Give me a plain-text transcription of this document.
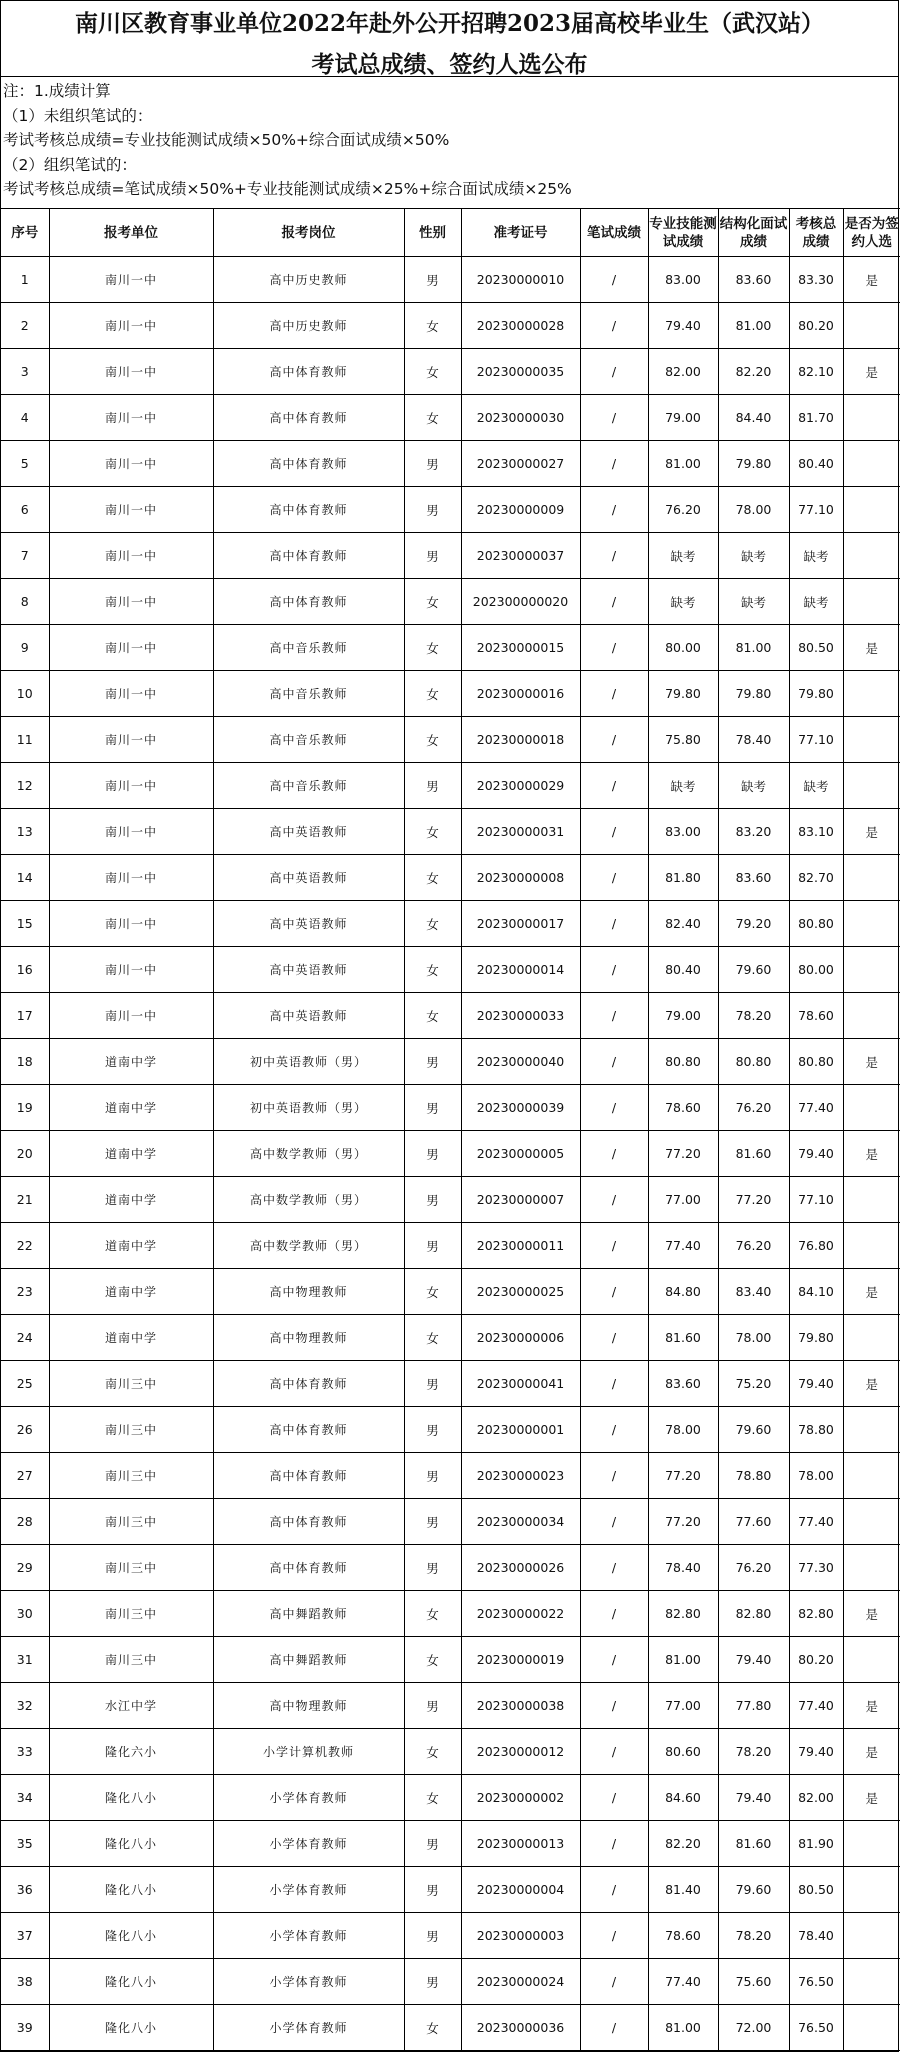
南川区教育事业单位2022年赴外公开招聘2023届高校毕业生（武汉站）
考试总成绩、签约人选公布
注：1.成绩计算
（1）未组织笔试的：
考试考核总成绩=专业技能测试成绩×50%+综合面试成绩×50%
（2）组织笔试的：
考试考核总成绩=笔试成绩×50%+专业技能测试成绩×25%+综合面试成绩×25%
序号	报考单位	报考岗位	性别	准考证号	笔试成绩	专业技能测试成绩	结构化面试成绩	考核总成绩	是否为签约人选
1	南川一中	高中历史教师	男	20230000010	/	83.00	83.60	83.30	是
2	南川一中	高中历史教师	女	20230000028	/	79.40	81.00	80.20	
3	南川一中	高中体育教师	女	20230000035	/	82.00	82.20	82.10	是
4	南川一中	高中体育教师	女	20230000030	/	79.00	84.40	81.70	
5	南川一中	高中体育教师	男	20230000027	/	81.00	79.80	80.40	
6	南川一中	高中体育教师	男	20230000009	/	76.20	78.00	77.10	
7	南川一中	高中体育教师	男	20230000037	/	缺考	缺考	缺考	
8	南川一中	高中体育教师	女	202300000020	/	缺考	缺考	缺考	
9	南川一中	高中音乐教师	女	20230000015	/	80.00	81.00	80.50	是
10	南川一中	高中音乐教师	女	20230000016	/	79.80	79.80	79.80	
11	南川一中	高中音乐教师	女	20230000018	/	75.80	78.40	77.10	
12	南川一中	高中音乐教师	男	20230000029	/	缺考	缺考	缺考	
13	南川一中	高中英语教师	女	20230000031	/	83.00	83.20	83.10	是
14	南川一中	高中英语教师	女	20230000008	/	81.80	83.60	82.70	
15	南川一中	高中英语教师	女	20230000017	/	82.40	79.20	80.80	
16	南川一中	高中英语教师	女	20230000014	/	80.40	79.60	80.00	
17	南川一中	高中英语教师	女	20230000033	/	79.00	78.20	78.60	
18	道南中学	初中英语教师（男）	男	20230000040	/	80.80	80.80	80.80	是
19	道南中学	初中英语教师（男）	男	20230000039	/	78.60	76.20	77.40	
20	道南中学	高中数学教师（男）	男	20230000005	/	77.20	81.60	79.40	是
21	道南中学	高中数学教师（男）	男	20230000007	/	77.00	77.20	77.10	
22	道南中学	高中数学教师（男）	男	20230000011	/	77.40	76.20	76.80	
23	道南中学	高中物理教师	女	20230000025	/	84.80	83.40	84.10	是
24	道南中学	高中物理教师	女	20230000006	/	81.60	78.00	79.80	
25	南川三中	高中体育教师	男	20230000041	/	83.60	75.20	79.40	是
26	南川三中	高中体育教师	男	20230000001	/	78.00	79.60	78.80	
27	南川三中	高中体育教师	男	20230000023	/	77.20	78.80	78.00	
28	南川三中	高中体育教师	男	20230000034	/	77.20	77.60	77.40	
29	南川三中	高中体育教师	男	20230000026	/	78.40	76.20	77.30	
30	南川三中	高中舞蹈教师	女	20230000022	/	82.80	82.80	82.80	是
31	南川三中	高中舞蹈教师	女	20230000019	/	81.00	79.40	80.20	
32	水江中学	高中物理教师	男	20230000038	/	77.00	77.80	77.40	是
33	隆化六小	小学计算机教师	女	20230000012	/	80.60	78.20	79.40	是
34	隆化八小	小学体育教师	女	20230000002	/	84.60	79.40	82.00	是
35	隆化八小	小学体育教师	男	20230000013	/	82.20	81.60	81.90	
36	隆化八小	小学体育教师	男	20230000004	/	81.40	79.60	80.50	
37	隆化八小	小学体育教师	男	20230000003	/	78.60	78.20	78.40	
38	隆化八小	小学体育教师	男	20230000024	/	77.40	75.60	76.50	
39	隆化八小	小学体育教师	女	20230000036	/	81.00	72.00	76.50	
